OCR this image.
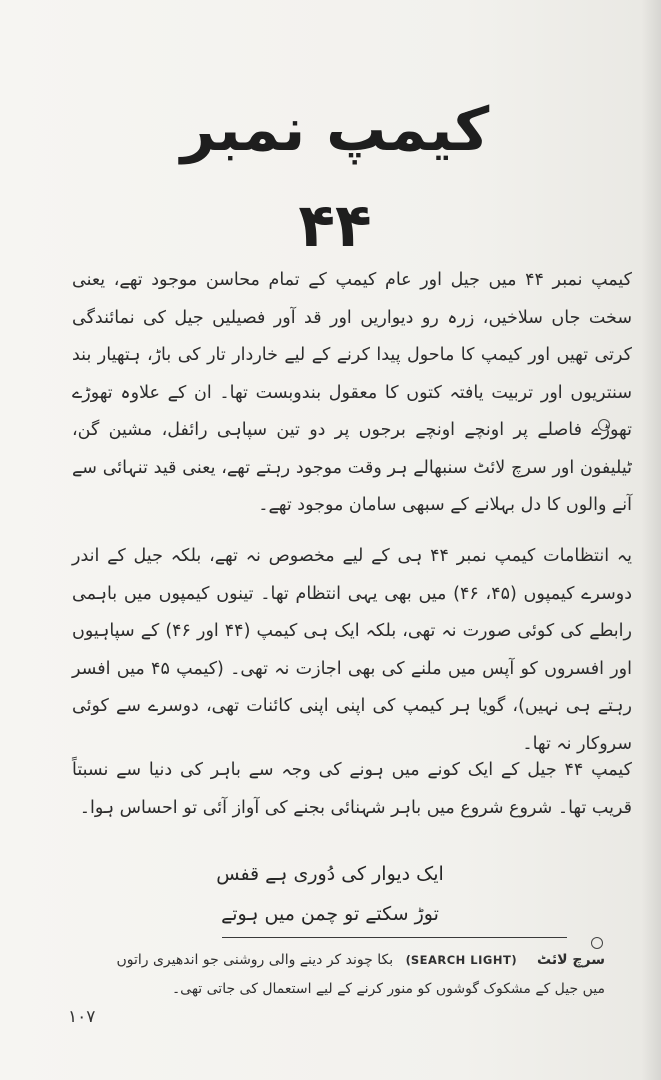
کیمپ نمبر ۴۴
کیمپ نمبر ۴۴ میں جیل اور عام کیمپ کے تمام محاسن موجود تھے، یعنی سخت جاں سلاخیں، زرہ رو دیواریں اور قد آور فصیلیں جیل کی نمائندگی کرتی تھیں اور کیمپ کا ماحول پیدا کرنے کے لیے خاردار تار کی باڑ، ہتھیار بند سنتریوں اور تربیت یافتہ کتوں کا معقول بندوبست تھا۔ ان کے علاوہ تھوڑے تھوڑے فاصلے پر اونچے اونچے برجوں پر دو تین سپاہی رائفل، مشین گن، ٹیلیفون اور سرچ لائٹ سنبھالے ہر وقت موجود رہتے تھے، یعنی قید تنہائی سے آنے والوں کا دل بہلانے کے سبھی سامان موجود تھے۔
یہ انتظامات کیمپ نمبر ۴۴ ہی کے لیے مخصوص نہ تھے، بلکہ جیل کے اندر دوسرے کیمپوں (۴۵، ۴۶) میں بھی یہی انتظام تھا۔ تینوں کیمپوں میں باہمی رابطے کی کوئی صورت نہ تھی، بلکہ ایک ہی کیمپ (۴۴ اور ۴۶) کے سپاہیوں اور افسروں کو آپس میں ملنے کی بھی اجازت نہ تھی۔ (کیمپ ۴۵ میں افسر رہتے ہی نہیں)، گویا ہر کیمپ کی اپنی اپنی کائنات تھی، دوسرے سے کوئی سروکار نہ تھا۔
کیمپ ۴۴ جیل کے ایک کونے میں ہونے کی وجہ سے باہر کی دنیا سے نسبتاً قریب تھا۔ شروع شروع میں باہر شہنائی بجنے کی آواز آئی تو احساس ہوا۔
ایک دیوار کی دُوری ہے قفس
توڑ سکتے تو چمن میں ہوتے
سرچ لائٹ (SEARCH LIGHT) بکا چوند کر دینے والی روشنی جو اندھیری راتوں میں جیل کے مشکوک گوشوں کو منور کرنے کے لیے استعمال کی جاتی تھی۔
۱۰۷
